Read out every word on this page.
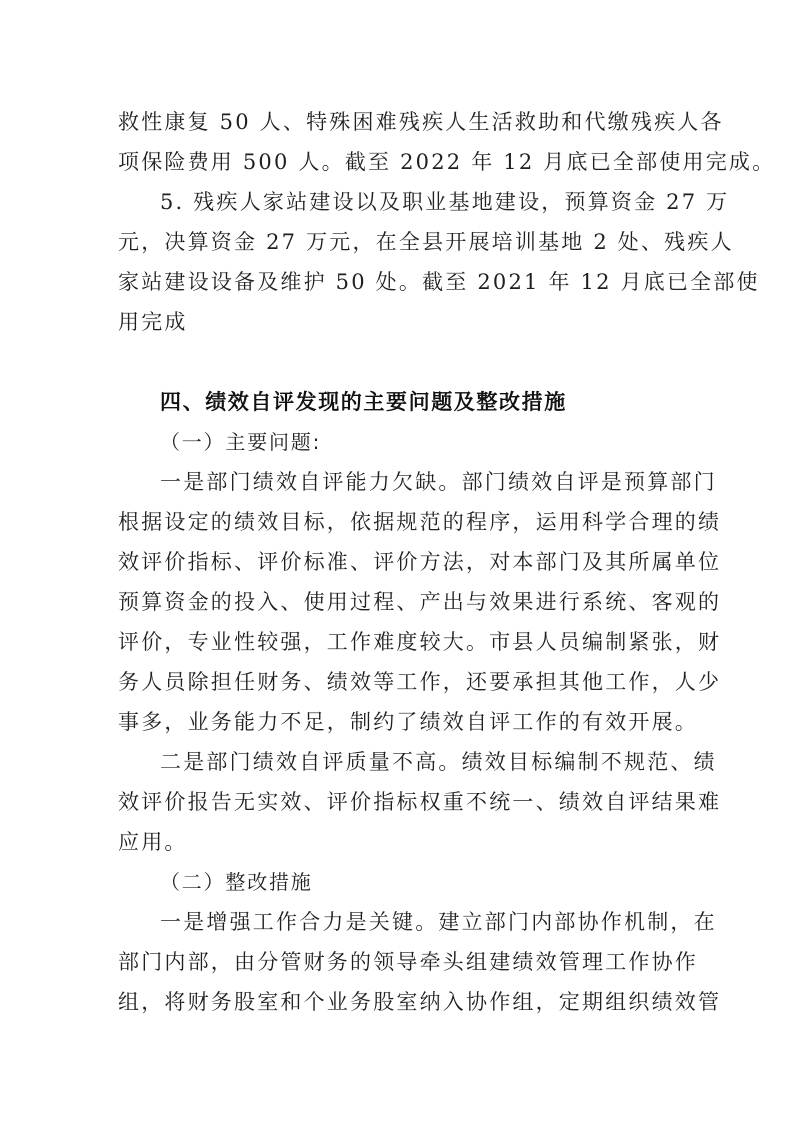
救性康复 50 人、特殊困难残疾人生活救助和代缴残疾人各
项保险费用 500 人。截至 2022 年 12 月底已全部使用完成。
5. 残疾人家站建设以及职业基地建设，预算资金 27 万
元，决算资金 27 万元，在全县开展培训基地 2 处、残疾人
家站建设设备及维护 50 处。截至 2021 年 12 月底已全部使
用完成
四、绩效自评发现的主要问题及整改措施
（一）主要问题:
一是部门绩效自评能力欠缺。部门绩效自评是预算部门
根据设定的绩效目标，依据规范的程序，运用科学合理的绩
效评价指标、评价标准、评价方法，对本部门及其所属单位
预算资金的投入、使用过程、产出与效果进行系统、客观的
评价，专业性较强，工作难度较大。市县人员编制紧张，财
务人员除担任财务、绩效等工作，还要承担其他工作，人少
事多，业务能力不足，制约了绩效自评工作的有效开展。
二是部门绩效自评质量不高。绩效目标编制不规范、绩
效评价报告无实效、评价指标权重不统一、绩效自评结果难
应用。
（二）整改措施
一是增强工作合力是关键。建立部门内部协作机制，在
部门内部，由分管财务的领导牵头组建绩效管理工作协作
组，将财务股室和个业务股室纳入协作组，定期组织绩效管
